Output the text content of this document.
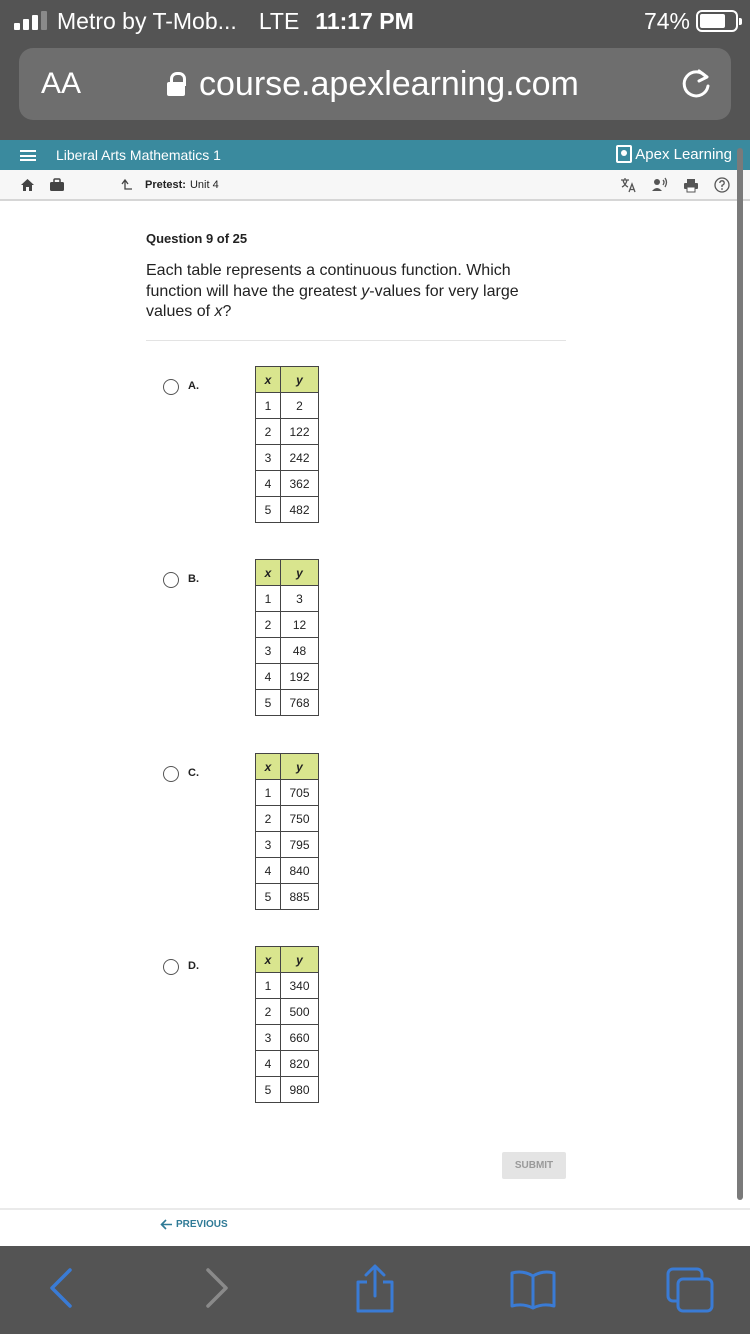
Metro by T-Mob... LTE 11:17 PM	74%
AA	course.apexlearning.com
Liberal Arts Mathematics 1	Apex Learning
Pretest: Unit 4
Question 9 of 25
Each table represents a continuous function. Which function will have the greatest y-values for very large values of x?
A.	x	y
1	2
2	122
3	242
4	362
5	482
B.	x	y
1	3
2	12
3	48
4	192
5	768
C.	x	y
1	705
2	750
3	795
4	840
5	885
D.	x	y
1	340
2	500
3	660
4	820
5	980
SUBMIT
PREVIOUS
